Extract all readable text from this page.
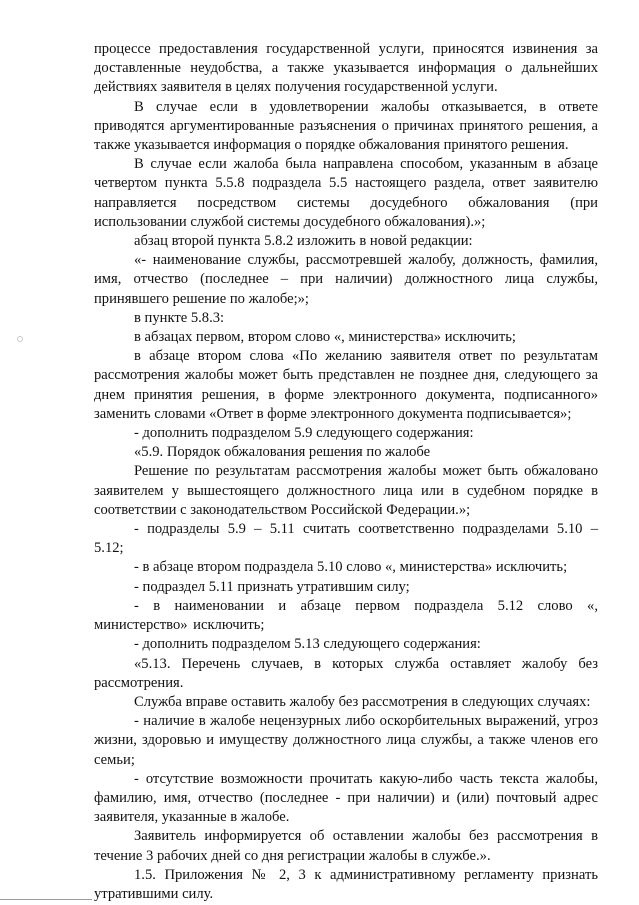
процессе предоставления государственной услуги, приносятся извинения за доставленные неудобства, а также указывается информация о дальнейших действиях заявителя в целях получения государственной услуги.

В случае если в удовлетворении жалобы отказывается, в ответе приводятся аргументированные разъяснения о причинах принятого решения, а также указывается информация о порядке обжалования принятого решения.

В случае если жалоба была направлена способом, указанным в абзаце четвертом пункта 5.5.8 подраздела 5.5 настоящего раздела, ответ заявителю направляется посредством системы досудебного обжалования (при использовании службой системы досудебного обжалования).»;

абзац второй пункта 5.8.2 изложить в новой редакции:

«- наименование службы, рассмотревшей жалобу, должность, фамилия, имя, отчество (последнее – при наличии) должностного лица службы, принявшего решение по жалобе;»;

в пункте 5.8.3:

в абзацах первом, втором слово «, министерства» исключить;

в абзаце втором слова «По желанию заявителя ответ по результатам рассмотрения жалобы может быть представлен не позднее дня, следующего за днем принятия решения, в форме электронного документа, подписанного» заменить словами «Ответ в форме электронного документа подписывается»;

- дополнить подразделом 5.9 следующего содержания:

«5.9. Порядок обжалования решения по жалобе

Решение по результатам рассмотрения жалобы может быть обжаловано заявителем у вышестоящего должностного лица или в судебном порядке в соответствии с законодательством Российской Федерации.»;

- подразделы 5.9 – 5.11 считать соответственно подразделами 5.10 – 5.12;

- в абзаце втором подраздела 5.10 слово «, министерства» исключить;

- подраздел 5.11 признать утратившим силу;

- в наименовании и абзаце первом подраздела 5.12 слово «, министерство» исключить;

- дополнить подразделом 5.13 следующего содержания:

«5.13. Перечень случаев, в которых служба оставляет жалобу без рассмотрения.

Служба вправе оставить жалобу без рассмотрения в следующих случаях:

- наличие в жалобе нецензурных либо оскорбительных выражений, угроз жизни, здоровью и имуществу должностного лица службы, а также членов его семьи;

- отсутствие возможности прочитать какую-либо часть текста жалобы, фамилию, имя, отчество (последнее - при наличии) и (или) почтовый адрес заявителя, указанные в жалобе.

Заявитель информируется об оставлении жалобы без рассмотрения в течение 3 рабочих дней со дня регистрации жалобы в службе.».

1.5. Приложения № 2, 3 к административному регламенту признать утратившими силу.
